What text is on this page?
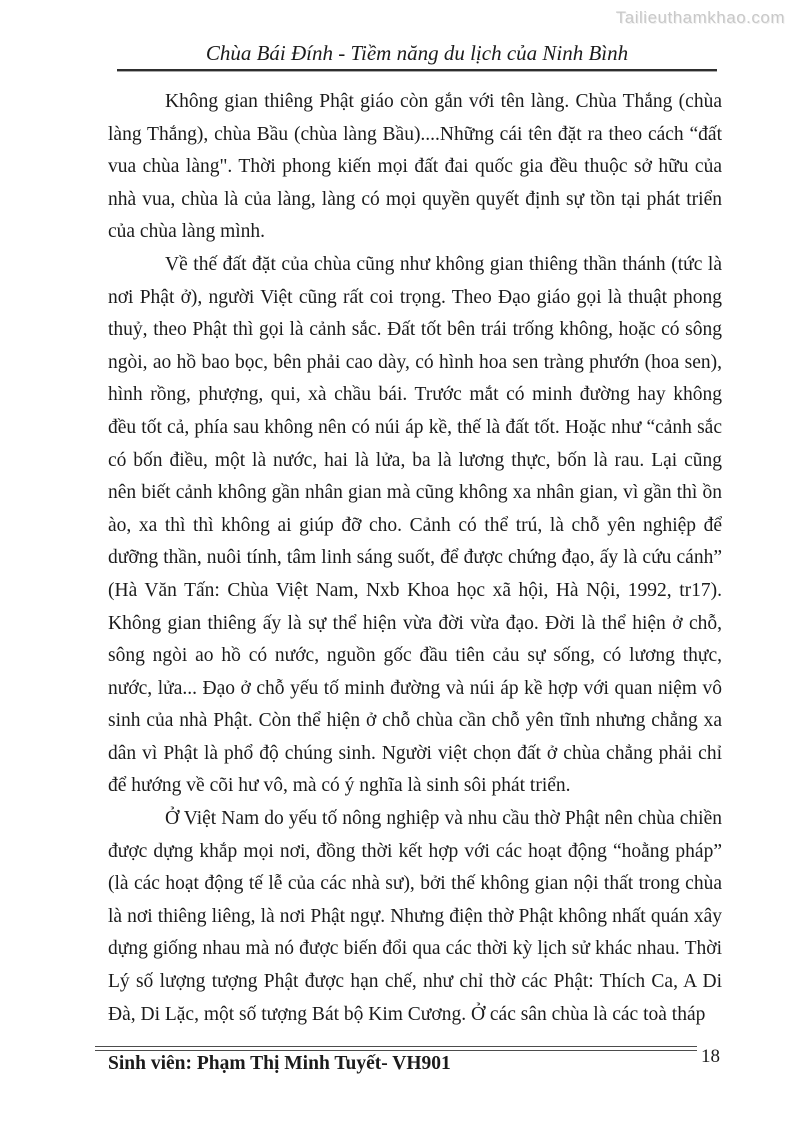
Tailieuthamkhao.com
Chùa Bái Đính - Tiềm năng du lịch của Ninh Bình
Không gian thiêng Phật giáo còn gắn với tên làng. Chùa Thắng (chùa
làng Thắng), chùa Bầu (chùa làng Bầu)....Những cái tên đặt ra theo cách “đất
vua chùa làng". Thời phong kiến mọi đất đai quốc gia đều thuộc sở hữu của
nhà vua, chùa là của làng, làng có mọi quyền quyết định sự tồn tại phát triển
của chùa làng mình.
Về thế đất đặt của chùa cũng như không gian thiêng thần thánh (tức là
nơi Phật ở), người Việt cũng rất coi trọng. Theo Đạo giáo gọi là thuật phong
thuỷ, theo Phật thì gọi là cảnh sắc. Đất tốt bên trái trống không, hoặc có sông
ngòi, ao hồ bao bọc, bên phải cao dày, có hình hoa sen tràng phướn (hoa sen),
hình rồng, phượng, qui, xà chầu bái. Trước mắt có minh đường hay không
đều tốt cả, phía sau không nên có núi áp kề, thế là đất tốt. Hoặc như “cảnh sắc
có bốn điều, một là nước, hai là lửa, ba là lương thực, bốn là rau. Lại cũng
nên biết cảnh không gần nhân gian mà cũng không xa nhân gian, vì gần thì ồn
ào, xa thì thì không ai giúp đỡ cho. Cảnh có thể trú, là chỗ yên nghiệp để
dưỡng thần, nuôi tính, tâm linh sáng suốt, để được chứng đạo, ấy là cứu cánh”
(Hà Văn Tấn: Chùa Việt Nam, Nxb Khoa học xã hội, Hà Nội, 1992, tr17).
Không gian thiêng ấy là sự thể hiện vừa đời vừa đạo. Đời là thể hiện ở chỗ,
sông ngòi ao hồ có nước, nguồn gốc đầu tiên cảu sự sống, có lương thực,
nước, lửa... Đạo ở chỗ yếu tố minh đường và núi áp kề hợp với quan niệm vô
sinh của nhà Phật. Còn thể hiện ở chỗ chùa cần chỗ yên tĩnh nhưng chẳng xa
dân vì Phật là phổ độ chúng sinh. Người việt chọn đất ở chùa chẳng phải chỉ
để hướng về cõi hư vô, mà có ý nghĩa là sinh sôi phát triển.
Ở Việt Nam do yếu tố nông nghiệp và nhu cầu thờ Phật nên chùa chiền
được dựng khắp mọi nơi, đồng thời kết hợp với các hoạt động “hoằng pháp”
(là các hoạt động tế lễ của các nhà sư), bởi thế không gian nội thất trong chùa
là nơi thiêng liêng, là nơi Phật ngự. Nhưng điện thờ Phật không nhất quán xây
dựng giống nhau mà nó được biến đổi qua các thời kỳ lịch sử khác nhau. Thời
Lý số lượng tượng Phật được hạn chế, như chỉ thờ các Phật: Thích Ca, A Di
Đà, Di Lặc, một số tượng Bát bộ Kim Cương. Ở các sân chùa là các toà tháp
Sinh viên: Phạm Thị Minh Tuyết- VH901	18
